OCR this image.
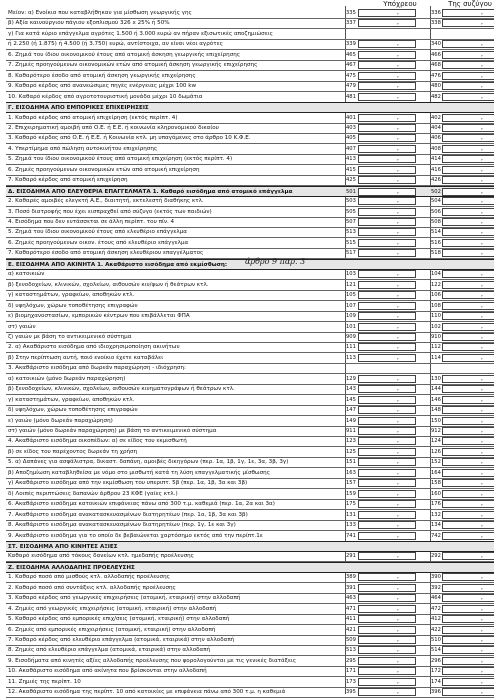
Υπόχρεου	Της συζύγου
Μείον: α) Ενοίκια που καταβλήθηκαν για μίσθωση γεωργικής γης	335	,	336	,
β) Αξία καινούργιου πάγιου εξοπλισμού 326 x 25% ή 50%	337	,	338	,
γ) Για κατά κύριο επάγγελμα αγρότες 1.500 ή 3.000 ευρώ αν πήραν εξισωτικές αποζημιώσεις
ή 2.250 (ή 1.875) ή 4.500 (ή 3.750) ευρώ, αντίστοιχα, αν είναι νέοι αγρότες	339	,	340	,
6. Ζημιά του ίδιου οικονομικού έτους από ατομική άσκηση γεωργικής επιχείρησης	465	,	466	,
7. Ζημιές προηγούμενων οικονομικών ετών από ατομική άσκηση γεωργικής επιχείρησης	467	,	468	,
8. Καθαρότερο έσοδο από ατομική άσκηση γεωργικής επιχείρησης	475	,	476	,
9. Καθαρό κέρδος από ανανεώσιμες πηγές ενέργειας μέχρι 100 kw	479	,	480	,
10. Καθαρό κέρδος από αγροτοτουριστική μονάδα μέχρι 10 δωμάτια	481	,	482	,
Γ. ΕΙΣΟΔΗΜΑ ΑΠΟ ΕΜΠΟΡΙΚΕΣ ΕΠΙΧΕΙΡΗΣΕΙΣ
1. Καθαρό κέρδος από ατομική επιχείρηση (εκτός περίπτ. 4)	401	,	402	,
2. Επιχειρηματική αμοιβή από Ο.Ε. ή Ε.Ε. ή κοινωνία κληρονομικού δικαίου	403	,	404	,
3. Καθαρό κέρδος από Ο.Ε. ή Ε.Ε. ή Κοινωνία κτλ. μη υπαγόμενες στο άρθρο 10 Κ.Φ.Ε.	405	,	406	,
4. Υπερτίμημα από πώληση αυτοκινήτου επιχείρησης	407	,	408	,
5. Ζημιά του ίδιου οικονομικού έτους από ατομική επιχείρηση (εκτός περίπτ. 4)	413	,	414	,
6. Ζημιές προηγούμενων οικονομικών ετών από ατομική επιχείρηση	415	,	416	,
7. Καθαρό κέρδος από ατομική επιχείρηση	425	,	426	,
Δ. ΕΙΣΟΔΗΜΑ ΑΠΟ ΕΛΕΥΘΕΡΙΑ ΕΠΑΓΓΕΛΜΑΤΑ 1. Καθαρό εισόδημα από ατομικό επάγγελμα	501	,	502	,
2. Καθαρές αμοιβές ελεγκτή Α.Ε., διαιτητή, εκτελεστή διαθήκης κτλ.	503	,	504	,
3. Ποσό διατροφής που έχει εισπραχθεί από σύζυγο (εκτός των παιδιών)	505	,	506	,
4. Εισόδημα που δεν εντάσσεται σε άλλη περίπτ. του πίν. 4	507	,	508	,
5. Ζημιά του ίδιου οικονομικού έτους από ελευθέριο επάγγελμα	513	,	514	,
6. Ζημιές προηγούμενων οικον. έτους από ελευθέριο επάγγελμα	515	,	516	,
7. Καθαρότερο έσοδο από ατομική άσκηση ελευθέριου επαγγέλματος	517	,	518	,
Ε. ΕΙΣΟΔΗΜΑ ΑΠΟ ΑΚΙΝΗΤΑ 1. Ακαθάριστο εισόδημα από εκμίσθωση:
α) κατοικιών	103	,	104	,
β) ξενοδοχείων, κλινικών, σχολείων, αιθουσών κιν/φων ή θεάτρων κτλ.	121	,	122	,
γ) καταστημάτων, γραφείων, αποθηκών κτλ.	105	,	106	,
δ) υψηλόχων, χώρων τοποθέτησης επιγραφών	107	,	108	,
ε) βιομηχανοστασίων, εμπορικών κέντρων που επιβάλλεται ΦΠΑ	109	,	110	,
στ) γαιών	101	,	102	,
ζ) γαιών με βάση το αντικειμενικό σύστημα	909	,	910	,
2. α) Ακαθάριστο εισόδημα από ιδιοχρησιμοποίηση ακινήτων	111	,	112	,
β) Στην περίπτωση αυτή, ποιό ενοίκιο έχετε καταβάλει	113	,	114	,
3. Ακαθάριστο εισόδημα από δωρεάν παραχώρηση - ιδιόχρηση:
α) κατοικιών (μόνο δωρεάν παραχώρηση)	129	,	130	,
β) ξενοδοχείων, κλινικών, σχολείων, αιθουσών κινηματογράφων ή θεάτρων κτλ.	143	,	144	,
γ) καταστημάτων, γραφείων, αποθηκών κτλ.	145	,	146	,
δ) υψηλόχων, χώρων τοποθέτησης επιγραφών	147	,	148	,
ε) γαιών (μόνο δωρεάν παραχώρηση)	149	,	150	,
στ) γαιών (μόνο δωρεάν παραχώρηση) με βάση το αντικειμενικό σύστημα	911	,	912	,
4. Ακαθάριστο εισόδημα οικοπέδων: α) σε είδος του εκμισθωτή	123	,	124	,
β) σε είδος του παρέχοντος δωρεάν τη χρήση	125	,	126	,
5. α) Δαπάνες για ασφάλιστρα, δικαστ. δαπάνη, αμοιβές δικηγόρων (περ. 1α, 1β, 1γ, 1ε, 3α, 3β, 3γ)	151	,	152	,
β) Αποζημίωση καταβληθείσα με νόμο στο μισθωτή κατά τη λύση επαγγελματικής μίσθωσης	163	,	164	,
γ) Ακαθάριστο εισόδημα από την εκμίσθωση του υπεριπτ. 5β (περ. 1α, 1β, 3α και 3β)	157	,	158	,
δ) Λοιπές περιπτώσεις δαπανών άρθρου 23 ΚΦΕ (γαίες κτλ.)	159	,	160	,
6. Ακαθάριστο εισόδημα κατοικιών επιφάνειας πάνω από 300 τ.μ. καθεμιά (περ. 1α, 2α και 3α)	175	,	176	,
7. Ακαθάριστο εισόδημα ανακατασκευασμένων διατηρητέων (περ. 1α, 1β, 3α και 3β)	131	,	132	,
8. Ακαθάριστο εισόδημα ανακατασκευασμένων διατηρητέων (περ. 1γ, 1ε και 3γ)	133	,	134	,
9. Ακαθάριστο εισόδημα για το οποίο δε βεβαιώνεται χαρτόσημο εκτός από την περίπτ.1ε	741	,	742	,
ΣΤ. ΕΙΣΟΔΗΜΑ ΑΠΟ ΚΙΝΗΤΕΣ ΑΞΙΕΣ
Καθαρό εισόδημα από τόκους δανείων κτλ. ημεδαπής προέλευσης	291	,	292	,
Ζ. ΕΙΣΟΔΗΜΑ ΑΛΛΟΔΑΠΗΣ ΠΡΟΕΛΕΥΣΗΣ
1. Καθαρό ποσό από μισθούς κτλ. αλλοδαπής προέλευσης	389	,	390	,
2. Καθαρό ποσό από συντάξεις κτλ. αλλοδαπής προέλευσης	391	,	392	,
3. Καθαρό κέρδος από γεωργικές επιχειρήσεις (ατομική, εταιρική) στην αλλοδαπή	463	,	464	,
4. Ζημιές από γεωργικές επιχειρήσεις (ατομική, εταιρική) στην αλλοδαπή	471	,	472	,
5. Καθαρό κέρδος από εμπορικές επιχ/σεις (ατομική, εταιρική) στην αλλοδαπή	411	,	412	,
6. Ζημιές από εμπορικές επιχειρήσεις (ατομική, εταιρική) στην αλλοδαπή	421	,	422	,
7. Καθαρό κέρδος από ελευθέριο επάγγελμα (ατομικά, εταιρικά) στην αλλοδαπή	509	,	510	,
8. Ζημιές από ελευθέριο επάγγελμα (ατομικά, εταιρικά) στην αλλοδαπή	513	,	514	,
9. Εισοδήματα από κινητές αξίες αλλοδαπής προέλευσης που φορολογούνται με τις γενικές διατάξεις	295	,	296	,
10. Ακαθάριστο εισόδημα από ακίνητα που βρίσκονται στην αλλοδαπή	171	,	172	,
11. Ζημιές της περίπτ. 10	173	,	174	,
12. Ακαθάριστο εισόδημα της περίπτ. 10 από κατοικίες με επιφάνεια πάνω από 300 τ.μ. η καθεμιά	395	,	396	,
άρθρο 9 παρ. 3
